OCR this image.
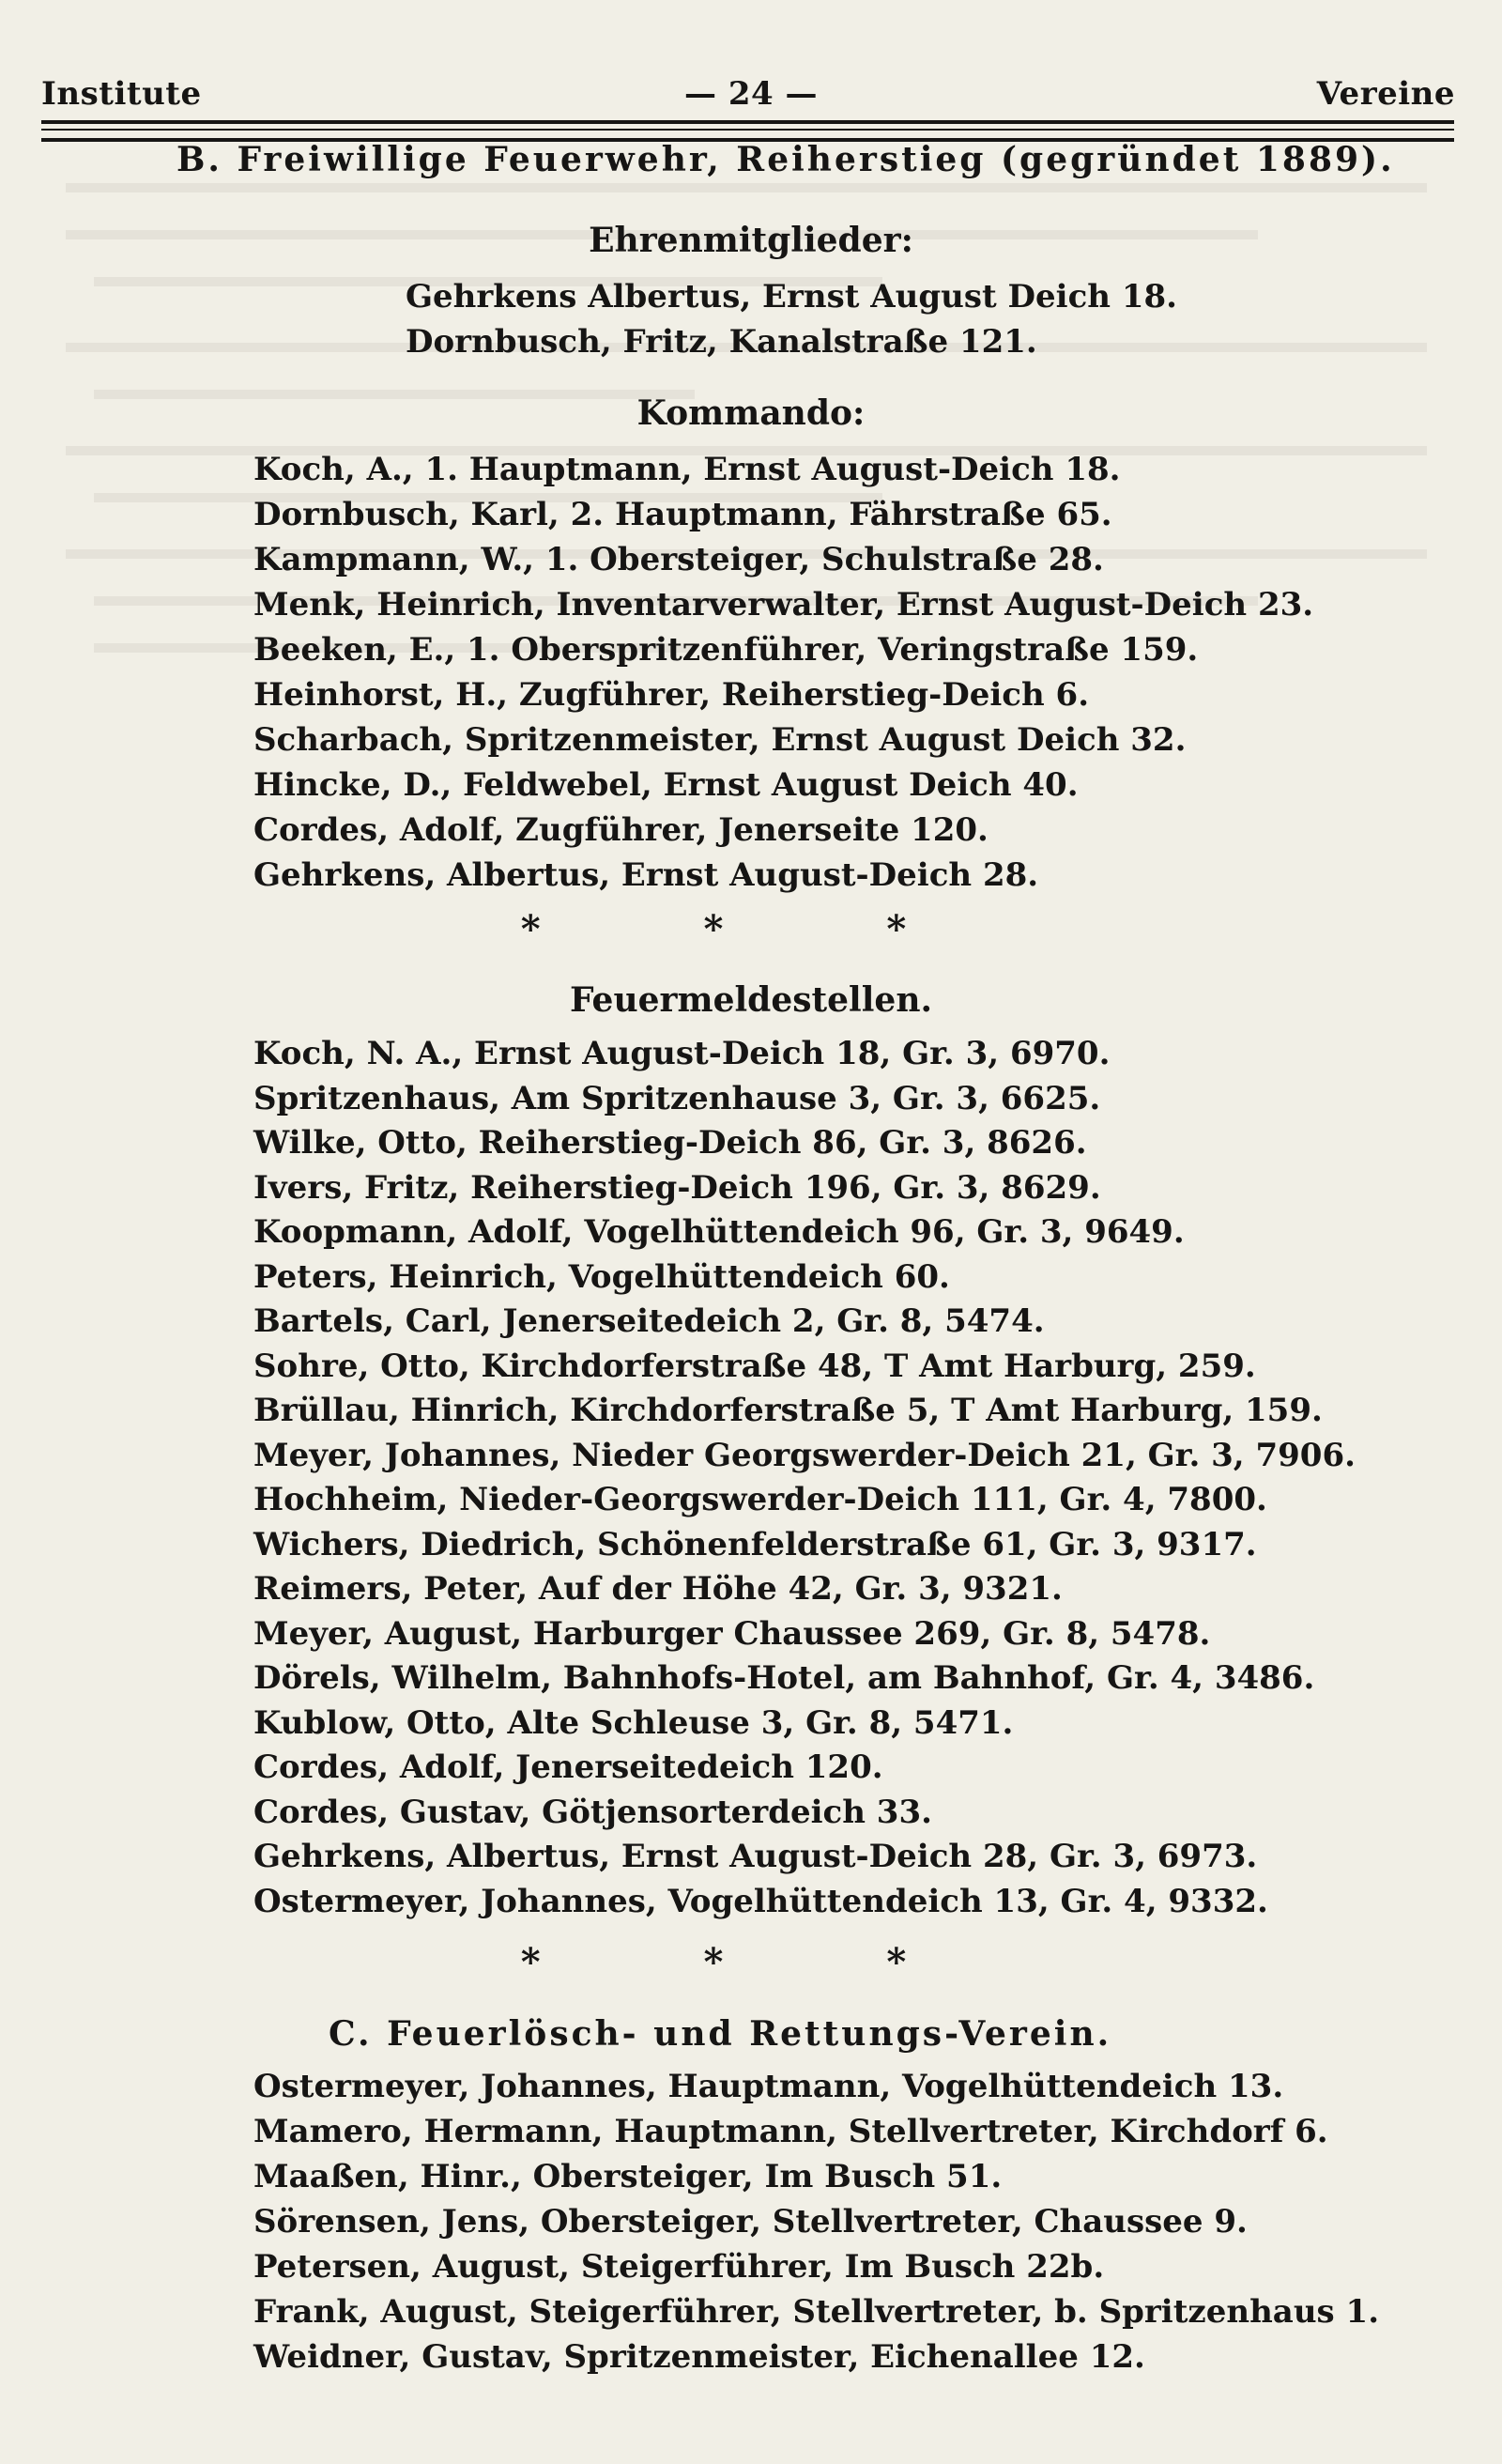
Institute	— 24 —	Vereine
B. Freiwillige Feuerwehr, Reiherstieg (gegründet 1889).
Ehrenmitglieder:
Gehrkens Albertus, Ernst August Deich 18.
Dornbusch, Fritz, Kanalstraße 121.
Kommando:
Koch, A., 1. Hauptmann, Ernst August-Deich 18.
Dornbusch, Karl, 2. Hauptmann, Fährstraße 65.
Kampmann, W., 1. Obersteiger, Schulstraße 28.
Menk, Heinrich, Inventarverwalter, Ernst August-Deich 23.
Beeken, E., 1. Oberspritzenführer, Veringstraße 159.
Heinhorst, H., Zugführer, Reiherstieg-Deich 6.
Scharbach, Spritzenmeister, Ernst August Deich 32.
Hincke, D., Feldwebel, Ernst August Deich 40.
Cordes, Adolf, Zugführer, Jenerseite 120.
Gehrkens, Albertus, Ernst August-Deich 28.
* * *
Feuermeldestellen.
Koch, N. A., Ernst August-Deich 18, Gr. 3, 6970.
Spritzenhaus, Am Spritzenhause 3, Gr. 3, 6625.
Wilke, Otto, Reiherstieg-Deich 86, Gr. 3, 8626.
Ivers, Fritz, Reiherstieg-Deich 196, Gr. 3, 8629.
Koopmann, Adolf, Vogelhüttendeich 96, Gr. 3, 9649.
Peters, Heinrich, Vogelhüttendeich 60.
Bartels, Carl, Jenerseitedeich 2, Gr. 8, 5474.
Sohre, Otto, Kirchdorferstraße 48, T Amt Harburg, 259.
Brüllau, Hinrich, Kirchdorferstraße 5, T Amt Harburg, 159.
Meyer, Johannes, Nieder Georgswerder-Deich 21, Gr. 3, 7906.
Hochheim, Nieder-Georgswerder-Deich 111, Gr. 4, 7800.
Wichers, Diedrich, Schönenfelderstraße 61, Gr. 3, 9317.
Reimers, Peter, Auf der Höhe 42, Gr. 3, 9321.
Meyer, August, Harburger Chaussee 269, Gr. 8, 5478.
Dörels, Wilhelm, Bahnhofs-Hotel, am Bahnhof, Gr. 4, 3486.
Kublow, Otto, Alte Schleuse 3, Gr. 8, 5471.
Cordes, Adolf, Jenerseitedeich 120.
Cordes, Gustav, Götjensorterdeich 33.
Gehrkens, Albertus, Ernst August-Deich 28, Gr. 3, 6973.
Ostermeyer, Johannes, Vogelhüttendeich 13, Gr. 4, 9332.
* * *
C. Feuerlösch- und Rettungs-Verein.
Ostermeyer, Johannes, Hauptmann, Vogelhüttendeich 13.
Mamero, Hermann, Hauptmann, Stellvertreter, Kirchdorf 6.
Maaßen, Hinr., Obersteiger, Im Busch 51.
Sörensen, Jens, Obersteiger, Stellvertreter, Chaussee 9.
Petersen, August, Steigerführer, Im Busch 22b.
Frank, August, Steigerführer, Stellvertreter, b. Spritzenhaus 1.
Weidner, Gustav, Spritzenmeister, Eichenallee 12.
